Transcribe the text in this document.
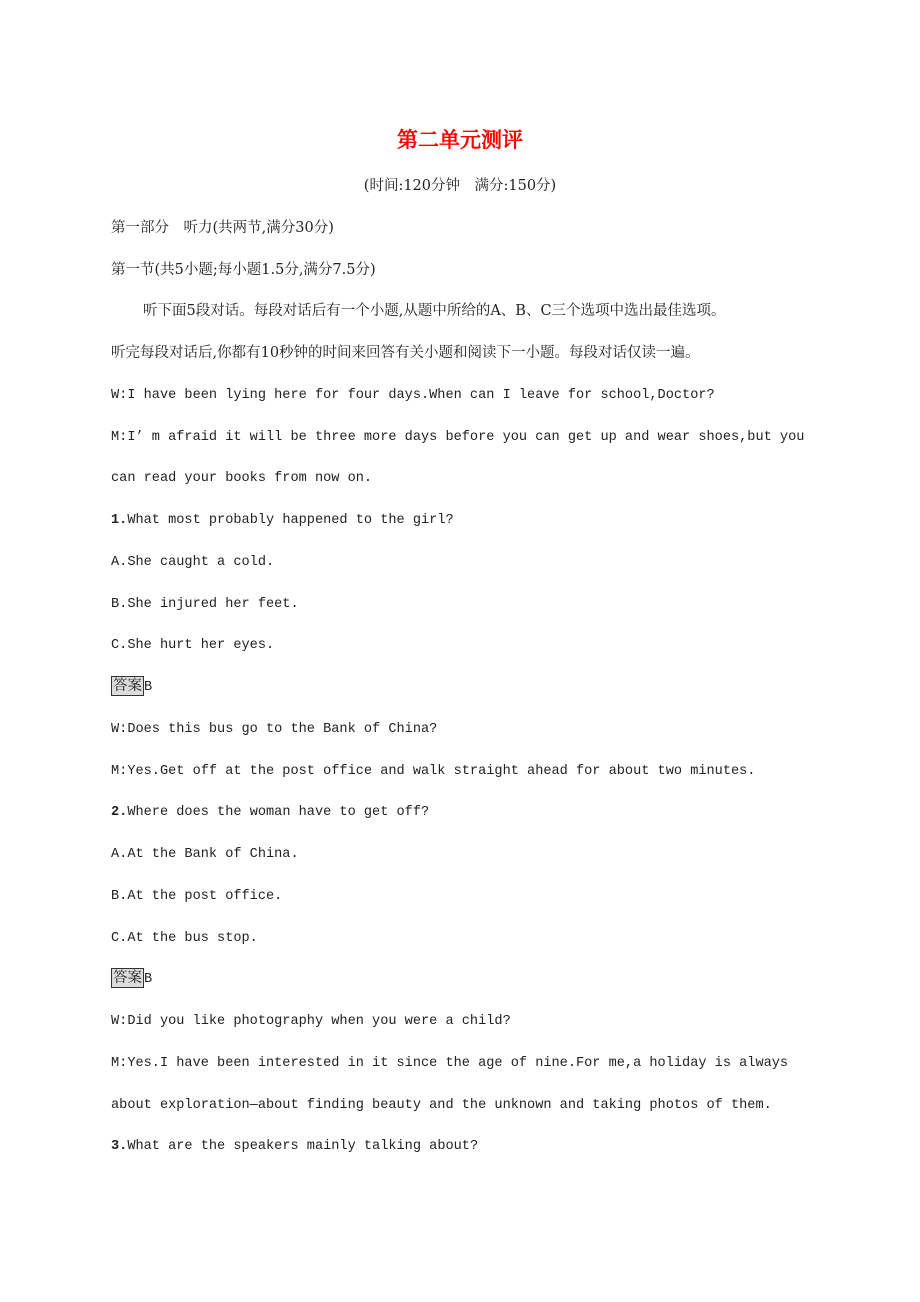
第二单元测评
(时间:120分钟　满分:150分)
第一部分　听力(共两节,满分30分)
第一节(共5小题;每小题1.5分,满分7.5分)
听下面5段对话。每段对话后有一个小题,从题中所给的A、B、C三个选项中选出最佳选项。
听完每段对话后,你都有10秒钟的时间来回答有关小题和阅读下一小题。每段对话仅读一遍。
W:I have been lying here for four days.When can I leave for school,Doctor?
M:I’ m afraid it will be three more days before you can get up and wear shoes,but you
can read your books from now on.
1.What most probably happened to the girl?
A.She caught a cold.
B.She injured her feet.
C.She hurt her eyes.
答案 B
W:Does this bus go to the Bank of China?
M:Yes.Get off at the post office and walk straight ahead for about two minutes.
2.Where does the woman have to get off?
A.At the Bank of China.
B.At the post office.
C.At the bus stop.
答案 B
W:Did you like photography when you were a child?
M:Yes.I have been interested in it since the age of nine.For me,a holiday is always
about exploration—about finding beauty and the unknown and taking photos of them.
3.What are the speakers mainly talking about?
